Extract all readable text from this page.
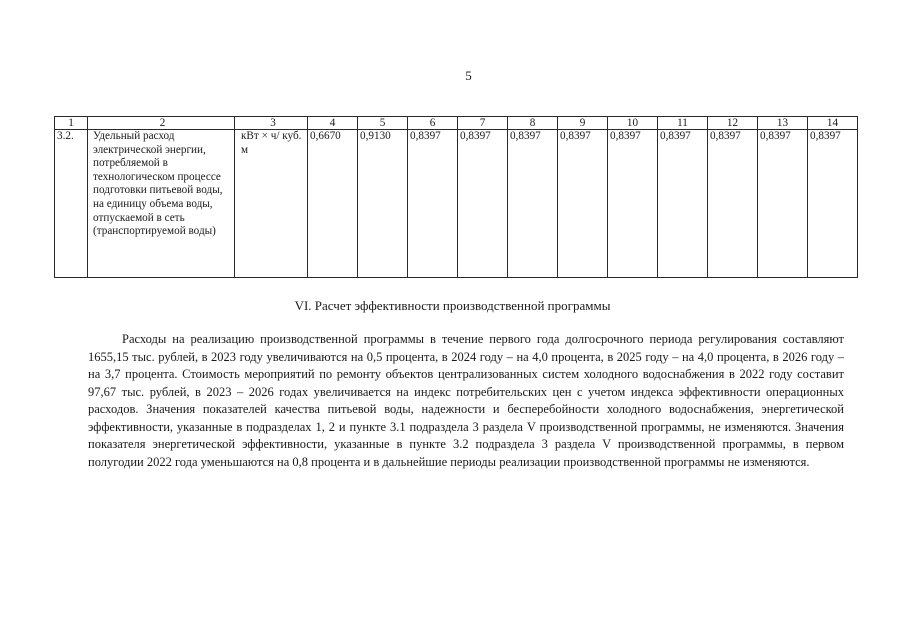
5
1	2	3	4	5	6	7	8	9	10	11	12	13	14
3.2.	Удельный расход электрической энергии, потребляемой в технологическом процессе подготовки питьевой воды, на единицу объема воды, отпускаемой в сеть (транспортируемой воды)	кВт × ч/ куб. м	0,6670	0,9130	0,8397	0,8397	0,8397	0,8397	0,8397	0,8397	0,8397	0,8397	0,8397
VI. Расчет эффективности производственной программы

Расходы на реализацию производственной программы в течение первого года долгосрочного периода регулирования составляют 1655,15 тыс. рублей, в 2023 году увеличиваются на 0,5 процента, в 2024 году – на 4,0 процента, в 2025 году – на 4,0 процента, в 2026 году – на 3,7 процента. Стоимость мероприятий по ремонту объектов централизованных систем холодного водоснабжения в 2022 году составит 97,67 тыс. рублей, в 2023 – 2026 годах увеличивается на индекс потребительских цен с учетом индекса эффективности операционных расходов. Значения показателей качества питьевой воды, надежности и бесперебойности холодного водоснабжения, энергетической эффективности, указанные в подразделах 1, 2 и пункте 3.1 подраздела 3 раздела V производственной программы, не изменяются. Значения показателя энергетической эффективности, указанные в пункте 3.2 подраздела 3 раздела V производственной программы, в первом полугодии 2022 года уменьшаются на 0,8 процента и в дальнейшие периоды реализации производственной программы не изменяются.
